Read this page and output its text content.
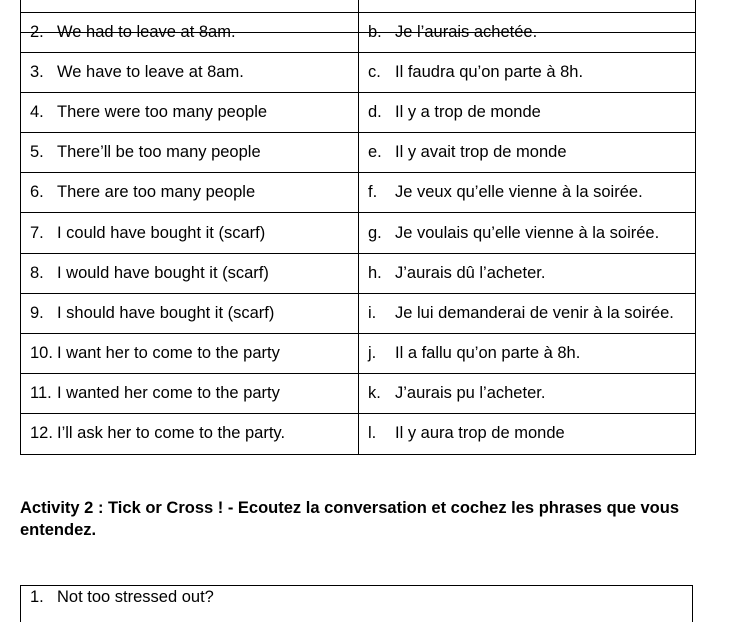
2. We had to leave at 8am.	b. Je l’aurais achetée.

3. We have to leave at 8am.	c. Il faudra qu’on parte à 8h.

4. There were too many people	d. Il y a trop de monde

5. There’ll be too many people	e. Il y avait trop de monde

6. There are too many people	f. Je veux qu’elle vienne à la soirée.

7. I could have bought it (scarf)	g. Je voulais qu’elle vienne à la soirée.

8. I would have bought it (scarf)	h. J’aurais dû l’acheter.

9. I should have bought it (scarf)	i. Je lui demanderai de venir à la soirée.

10. I want her to come to the party	j. Il a fallu qu’on parte à 8h.

11. I wanted her come to the party	k. J’aurais pu l’acheter.

12. I’ll ask her to come to the party.	l. Il y aura trop de monde
Activity 2 : Tick or Cross ! - Ecoutez la conversation et cochez les phrases que vous entendez.
1. Not too stressed out?
